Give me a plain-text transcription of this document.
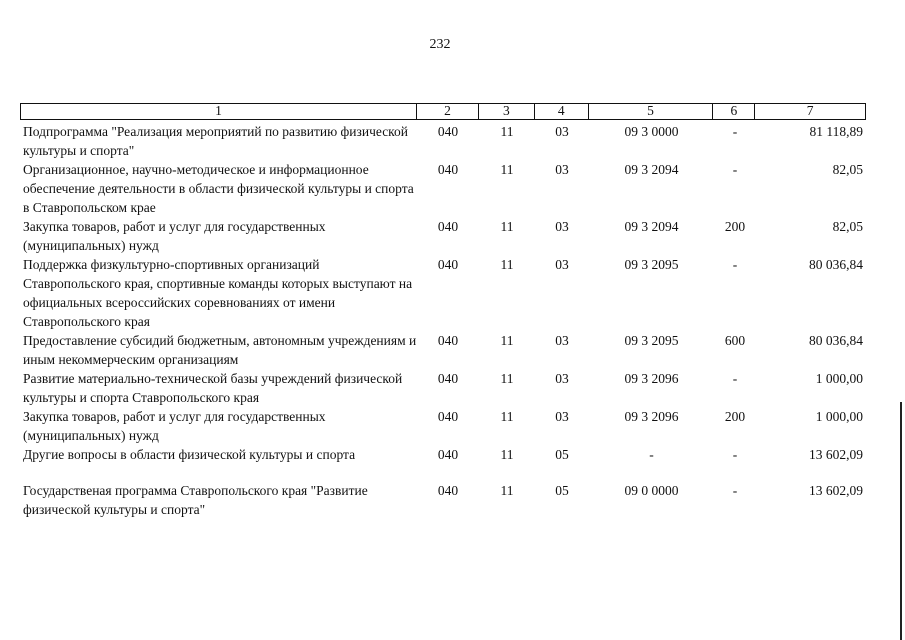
232
1	2	3	4	5	6	7
Подпрограмма "Реализация мероприятий по развитию физической культуры и спорта"
040	11	03	09 3 0000	-	81 118,89
Организационное, научно-методическое и информационное обеспечение деятельности в области физической культуры и спорта в Ставропольском крае
040	11	03	09 3 2094	-	82,05
Закупка товаров, работ и услуг для государственных (муниципальных) нужд
040	11	03	09 3 2094	200	82,05
Поддержка физкультурно-спортивных организаций Ставропольского края, спортивные команды которых выступают на официальных всероссийских соревнованиях от имени Ставропольского края
040	11	03	09 3 2095	-	80 036,84
Предоставление субсидий бюджетным, автономным учреждениям и иным некоммерческим организациям
040	11	03	09 3 2095	600	80 036,84
Развитие материально-технической базы учреждений физической культуры и спорта Ставропольского края
040	11	03	09 3 2096	-	1 000,00
Закупка товаров, работ и услуг для государственных (муниципальных) нужд
040	11	03	09 3 2096	200	1 000,00
Другие вопросы в области физической культуры и спорта	040	11	05	-	-	13 602,09
Государственая программа Ставропольского края "Развитие физической культуры и спорта"
040	11	05	09 0 0000	-	13 602,09
